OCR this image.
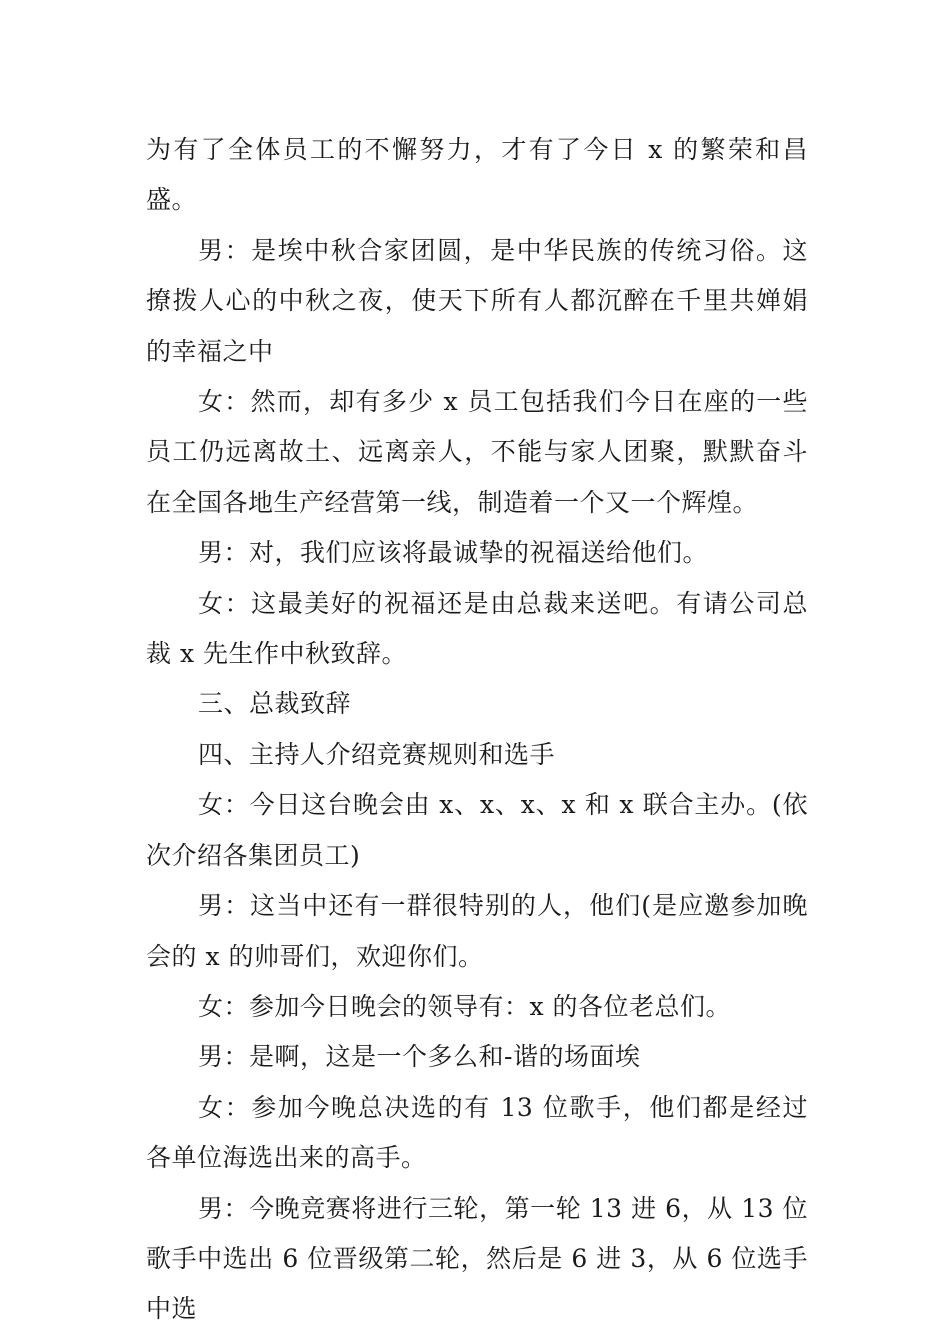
为有了全体员工的不懈努力，才有了今日 x 的繁荣和昌盛。

男：是埃中秋合家团圆，是中华民族的传统习俗。这撩拨人心的中秋之夜，使天下所有人都沉醉在千里共婵娟的幸福之中

女：然而，却有多少 x 员工包括我们今日在座的一些员工仍远离故土、远离亲人，不能与家人团聚，默默奋斗在全国各地生产经营第一线，制造着一个又一个辉煌。

男：对，我们应该将最诚挚的祝福送给他们。

女：这最美好的祝福还是由总裁来送吧。有请公司总裁 x 先生作中秋致辞。

三、总裁致辞

四、主持人介绍竞赛规则和选手

女：今日这台晚会由 x、x、x、x 和 x 联合主办。(依次介绍各集团员工)

男：这当中还有一群很特别的人，他们(是应邀参加晚会的 x 的帅哥们，欢迎你们。

女：参加今日晚会的领导有：x 的各位老总们。

男：是啊，这是一个多么和-谐的场面埃

女：参加今晚总决选的有 13 位歌手，他们都是经过各单位海选出来的高手。

男：今晚竞赛将进行三轮，第一轮 13 进 6，从 13 位歌手中选出 6 位晋级第二轮，然后是 6 进 3，从 6 位选手中选
